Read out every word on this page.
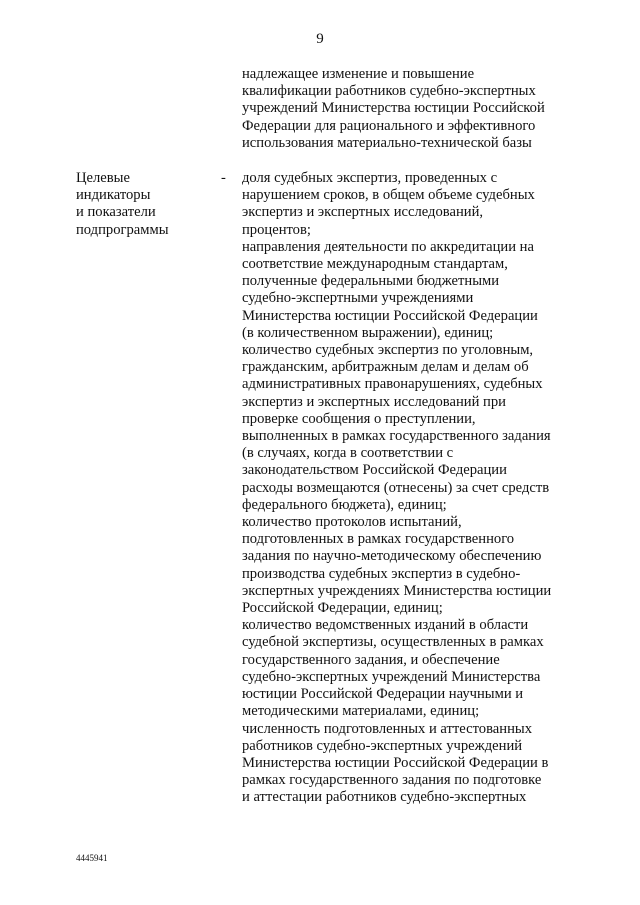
9
надлежащее изменение и повышение
квалификации работников судебно-экспертных
учреждений Министерства юстиции Российской
Федерации для рационального и эффективного
использования материально-технической базы
Целевые
индикаторы
и показатели
подпрограммы
- доля судебных экспертиз, проведенных с
нарушением сроков, в общем объеме судебных
экспертиз и экспертных исследований,
процентов;
направления деятельности по аккредитации на
соответствие международным стандартам,
полученные федеральными бюджетными
судебно-экспертными учреждениями
Министерства юстиции Российской Федерации
(в количественном выражении), единиц;
количество судебных экспертиз по уголовным,
гражданским, арбитражным делам и делам об
административных правонарушениях, судебных
экспертиз и экспертных исследований при
проверке сообщения о преступлении,
выполненных в рамках государственного задания
(в случаях, когда в соответствии с
законодательством Российской Федерации
расходы возмещаются (отнесены) за счет средств
федерального бюджета), единиц;
количество протоколов испытаний,
подготовленных в рамках государственного
задания по научно-методическому обеспечению
производства судебных экспертиз в судебно-
экспертных учреждениях Министерства юстиции
Российской Федерации, единиц;
количество ведомственных изданий в области
судебной экспертизы, осуществленных в рамках
государственного задания, и обеспечение
судебно-экспертных учреждений Министерства
юстиции Российской Федерации научными и
методическими материалами, единиц;
численность подготовленных и аттестованных
работников судебно-экспертных учреждений
Министерства юстиции Российской Федерации в
рамках государственного задания по подготовке
и аттестации работников судебно-экспертных
4445941
